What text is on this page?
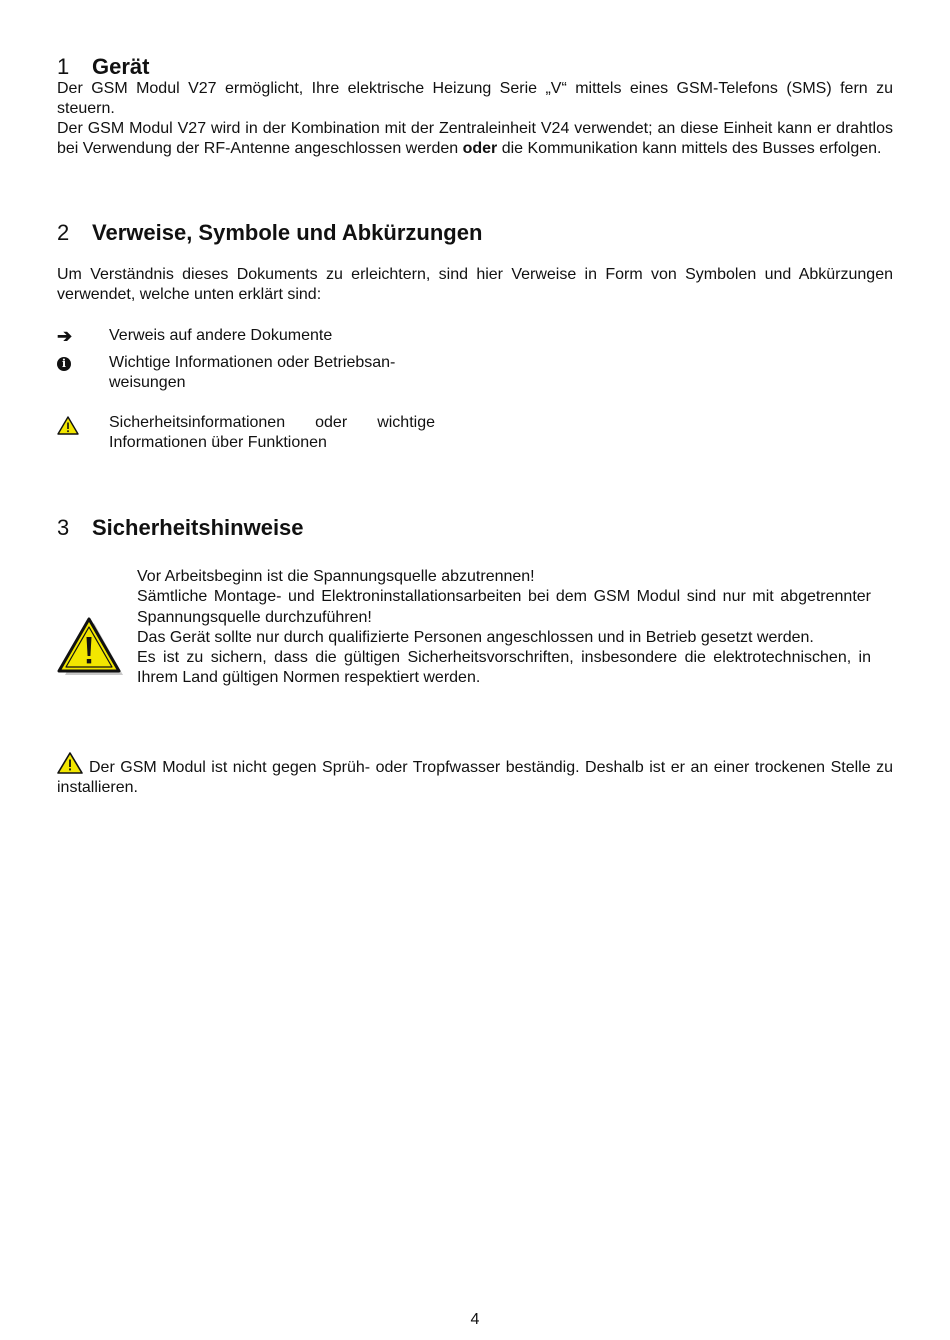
1 Gerät

Der GSM Modul V27 ermöglicht, Ihre elektrische Heizung Serie „V“ mittels eines GSM-Telefons (SMS) fern zu steuern.

Der GSM Modul V27 wird in der Kombination mit der Zentraleinheit V24 verwendet; an diese Einheit kann er drahtlos bei Verwendung der RF-Antenne angeschlossen werden oder die Kommunikation kann mittels des Busses erfolgen.

2 Verweise, Symbole und Abkürzungen

Um Verständnis dieses Dokuments zu erleichtern, sind hier Verweise in Form von Symbolen und Abkürzungen verwendet, welche unten erklärt sind:

➔	Verweis auf andere Dokumente
i	Wichtige Informationen oder Betriebsan-
weisungen
Sicherheitsinformationen oder wichtige
Informationen über Funktionen
3 Sicherheitshinweise

Vor Arbeitsbeginn ist die Spannungsquelle abzutrennen!

Sämtliche Montage- und Elektroninstallationsarbeiten bei dem GSM Modul sind nur mit abgetrennter Spannungsquelle durchzuführen!

Das Gerät sollte nur durch qualifizierte Personen angeschlossen und in Betrieb gesetzt werden.

Es ist zu sichern, dass die gültigen Sicherheitsvorschriften, insbesondere die elektrotechnischen, in Ihrem Land gültigen Normen respektiert werden.

Der GSM Modul ist nicht gegen Sprüh- oder Tropfwasser beständig. Deshalb ist er an einer trockenen Stelle zu installieren.

4
